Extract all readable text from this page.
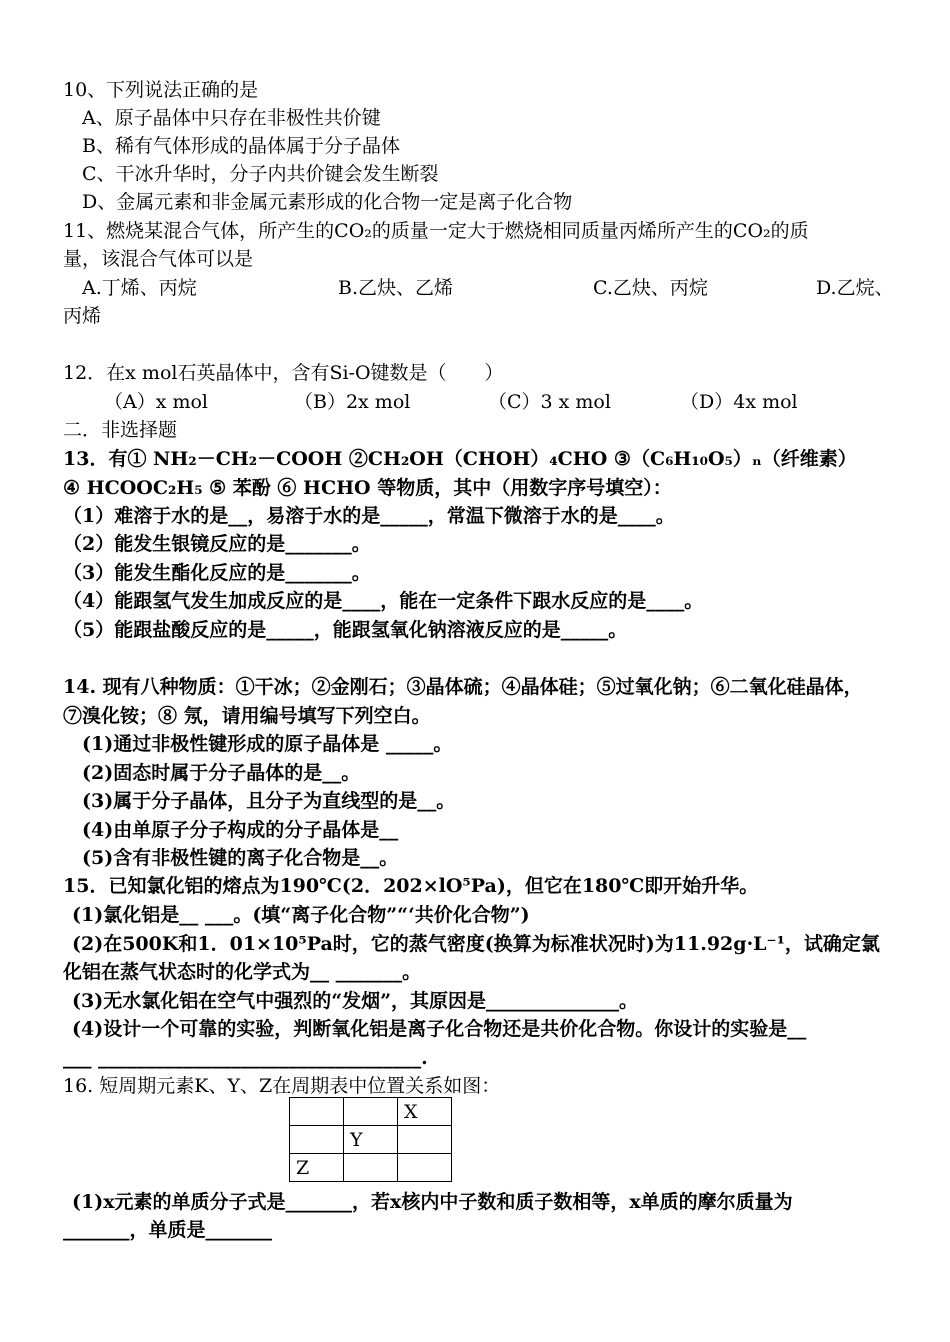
10、下列说法正确的是
A、原子晶体中只存在非极性共价键
B、稀有气体形成的晶体属于分子晶体
C、干冰升华时，分子内共价键会发生断裂
D、金属元素和非金属元素形成的化合物一定是离子化合物
11、燃烧某混合气体，所产生的CO₂的质量一定大于燃烧相同质量丙烯所产生的CO₂的质
量，该混合气体可以是
A.丁烯、丙烷	B.乙炔、乙烯	C.乙炔、丙烷	D.乙烷、
丙烯
12．在x mol石英晶体中，含有Si-O键数是（　　）
（A）x mol	（B）2x mol	（C）3 x mol	（D）4x mol
二．非选择题
13．有① NH₂－CH₂－COOH ②CH₂OH（CHOH）₄CHO ③（C₆H₁₀O₅）ₙ（纤维素）
④ HCOOC₂H₅ ⑤ 苯酚 ⑥ HCHO 等物质，其中（用数字序号填空）：
（1）难溶于水的是__，易溶于水的是_____，常温下微溶于水的是____。
（2）能发生银镜反应的是_______。
（3）能发生酯化反应的是_______。
（4）能跟氢气发生加成反应的是____，能在一定条件下跟水反应的是____。
（5）能跟盐酸反应的是_____，能跟氢氧化钠溶液反应的是_____。
14. 现有八种物质：①干冰；②金刚石；③晶体硫；④晶体硅；⑤过氧化钠；⑥二氧化硅晶体，
⑦溴化铵；⑧ 氖，请用编号填写下列空白。
(1)通过非极性键形成的原子晶体是 _____。
(2)固态时属于分子晶体的是__。
(3)属于分子晶体，且分子为直线型的是__。
(4)由单原子分子构成的分子晶体是__
(5)含有非极性键的离子化合物是__。
15．已知氯化铝的熔点为190℃(2．202×lO⁵Pa)，但它在180℃即开始升华。
(1)氯化铝是__ ___。(填“离子化合物”“‘共价化合物”)
(2)在500K和1．01×10⁵Pa时，它的蒸气密度(换算为标准状况时)为11.92g·L⁻¹，试确定氯
化铝在蒸气状态时的化学式为__ _______。
(3)无水氯化铝在空气中强烈的“发烟”，其原因是______________。
(4)设计一个可靠的实验，判断氧化铝是离子化合物还是共价化合物。你设计的实验是__
___ __________________________________.
16. 短周期元素K、Y、Z在周期表中位置关系如图：
		X
	Y	
Z		
(1)x元素的单质分子式是_______，若x核内中子数和质子数相等，x单质的摩尔质量为
_______，单质是_______
